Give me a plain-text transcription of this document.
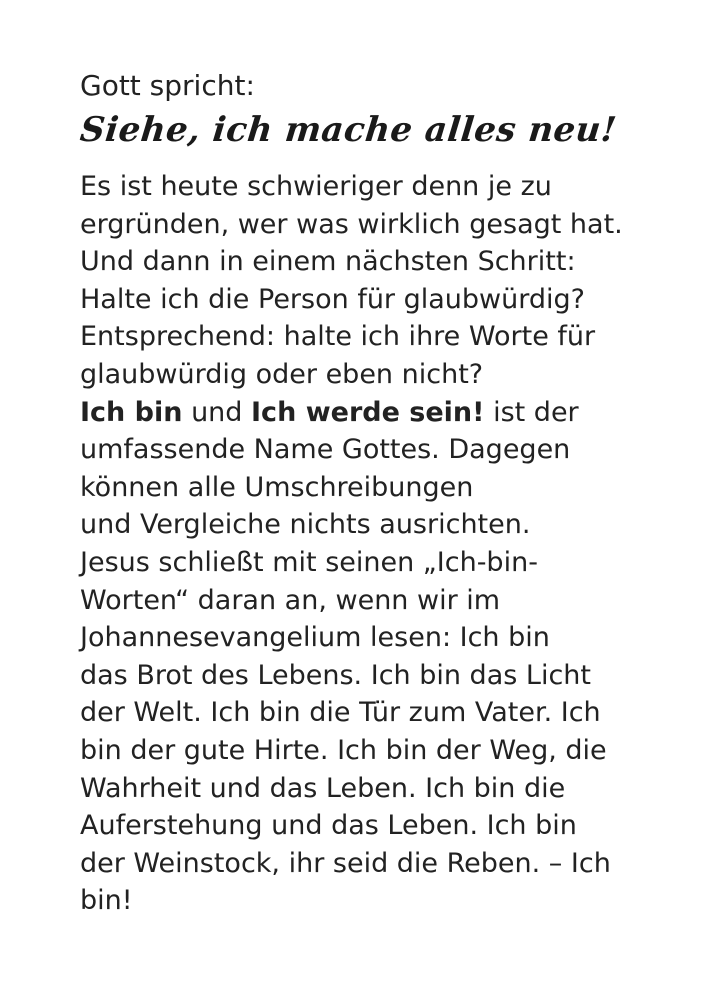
Gott spricht:
Siehe, ich mache alles neu!
Es ist heute schwieriger denn je zu
ergründen, wer was wirklich gesagt hat.
Und dann in einem nächsten Schritt:
Halte ich die Person für glaubwürdig?
Entsprechend: halte ich ihre Worte für
glaubwürdig oder eben nicht?
Ich bin und Ich werde sein! ist der
umfassende Name Gottes. Dagegen
können alle Umschreibungen
und Vergleiche nichts ausrichten.
Jesus schließt mit seinen „Ich-bin-
Worten“ daran an, wenn wir im
Johannesevangelium lesen: Ich bin
das Brot des Lebens. Ich bin das Licht
der Welt. Ich bin die Tür zum Vater. Ich
bin der gute Hirte. Ich bin der Weg, die
Wahrheit und das Leben. Ich bin die
Auferstehung und das Leben. Ich bin
der Weinstock, ihr seid die Reben. – Ich
bin!
